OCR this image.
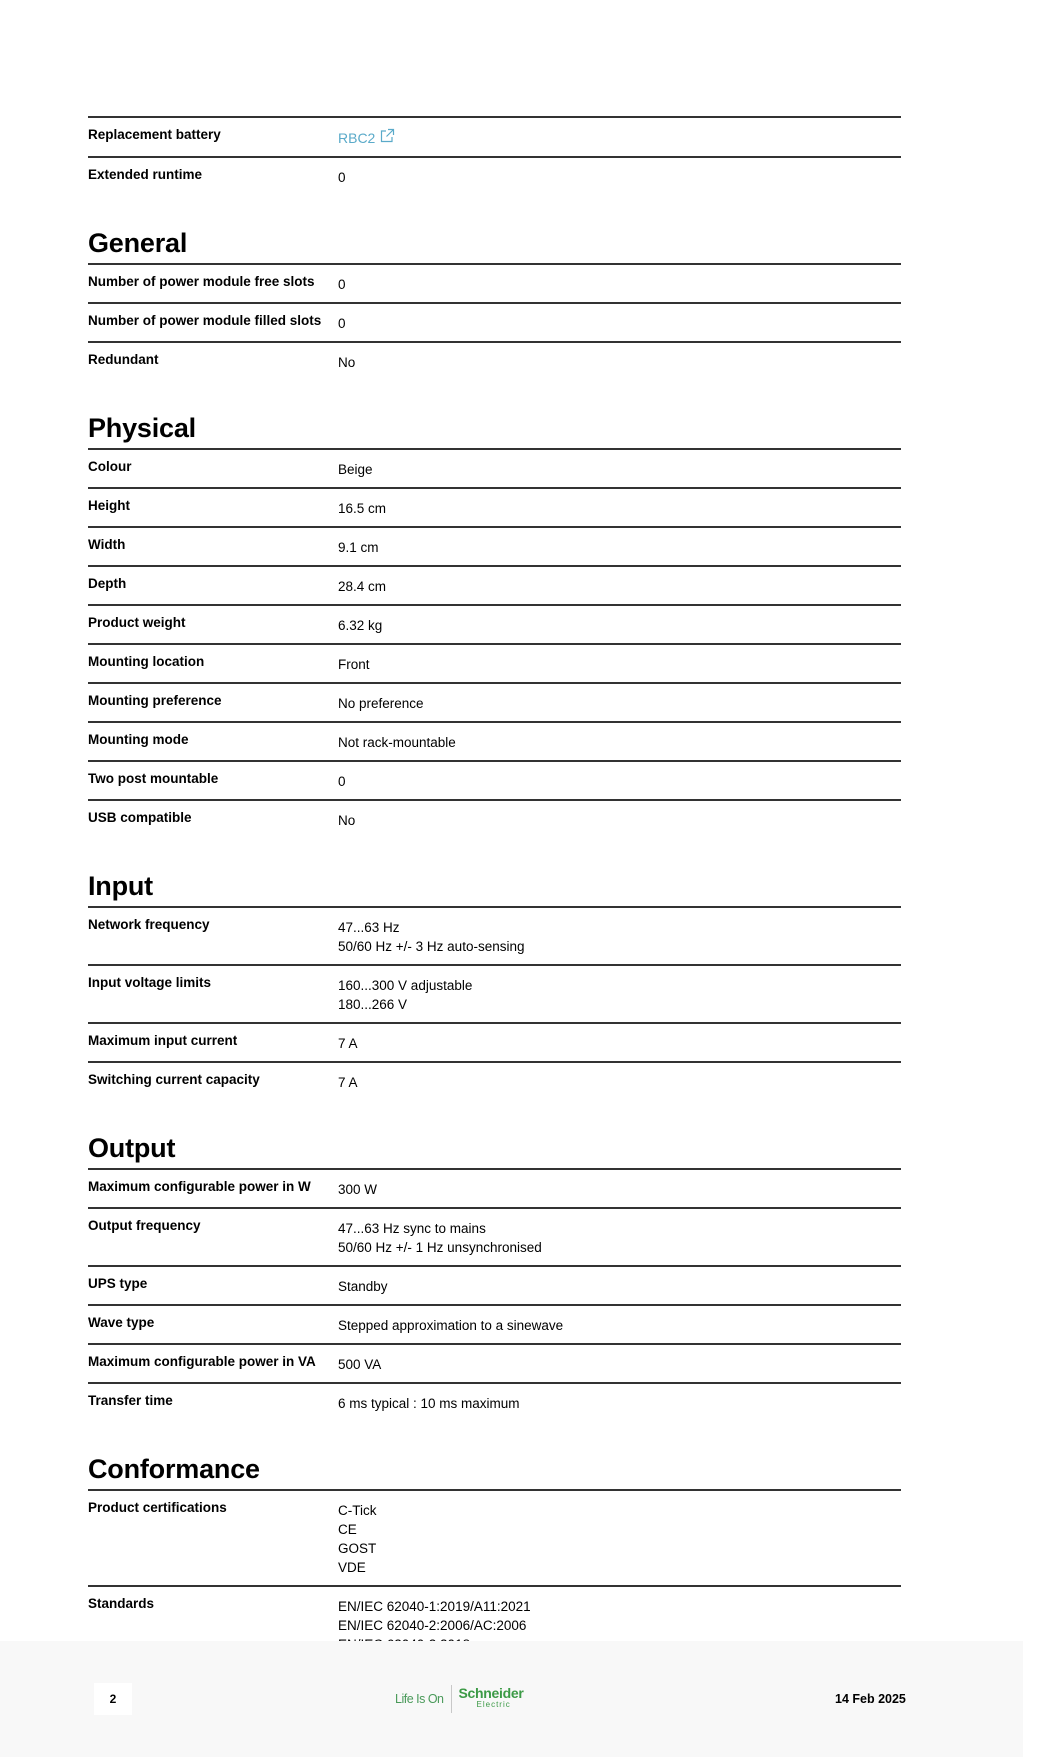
Replacement battery	RBC2
Extended runtime	0
General
Number of power module free slots	0
Number of power module filled slots	0
Redundant	No
Physical
Colour	Beige
Height	16.5 cm
Width	9.1 cm
Depth	28.4 cm
Product weight	6.32 kg
Mounting location	Front
Mounting preference	No preference
Mounting mode	Not rack-mountable
Two post mountable	0
USB compatible	No
Input
Network frequency	47...63 Hz
50/60 Hz +/- 3 Hz auto-sensing
Input voltage limits	160...300 V adjustable
180...266 V
Maximum input current	7 A
Switching current capacity	7 A
Output
Maximum configurable power in W	300 W
Output frequency	47...63 Hz sync to mains
50/60 Hz +/- 1 Hz unsynchronised
UPS type	Standby
Wave type	Stepped approximation to a sinewave
Maximum configurable power in VA	500 VA
Transfer time	6 ms typical : 10 ms maximum
Conformance
Product certifications	C-Tick
CE
GOST
VDE
Standards	EN/IEC 62040-1:2019/A11:2021
EN/IEC 62040-2:2006/AC:2006
2	Life Is On Schneider
Electric	14 Feb 2025
